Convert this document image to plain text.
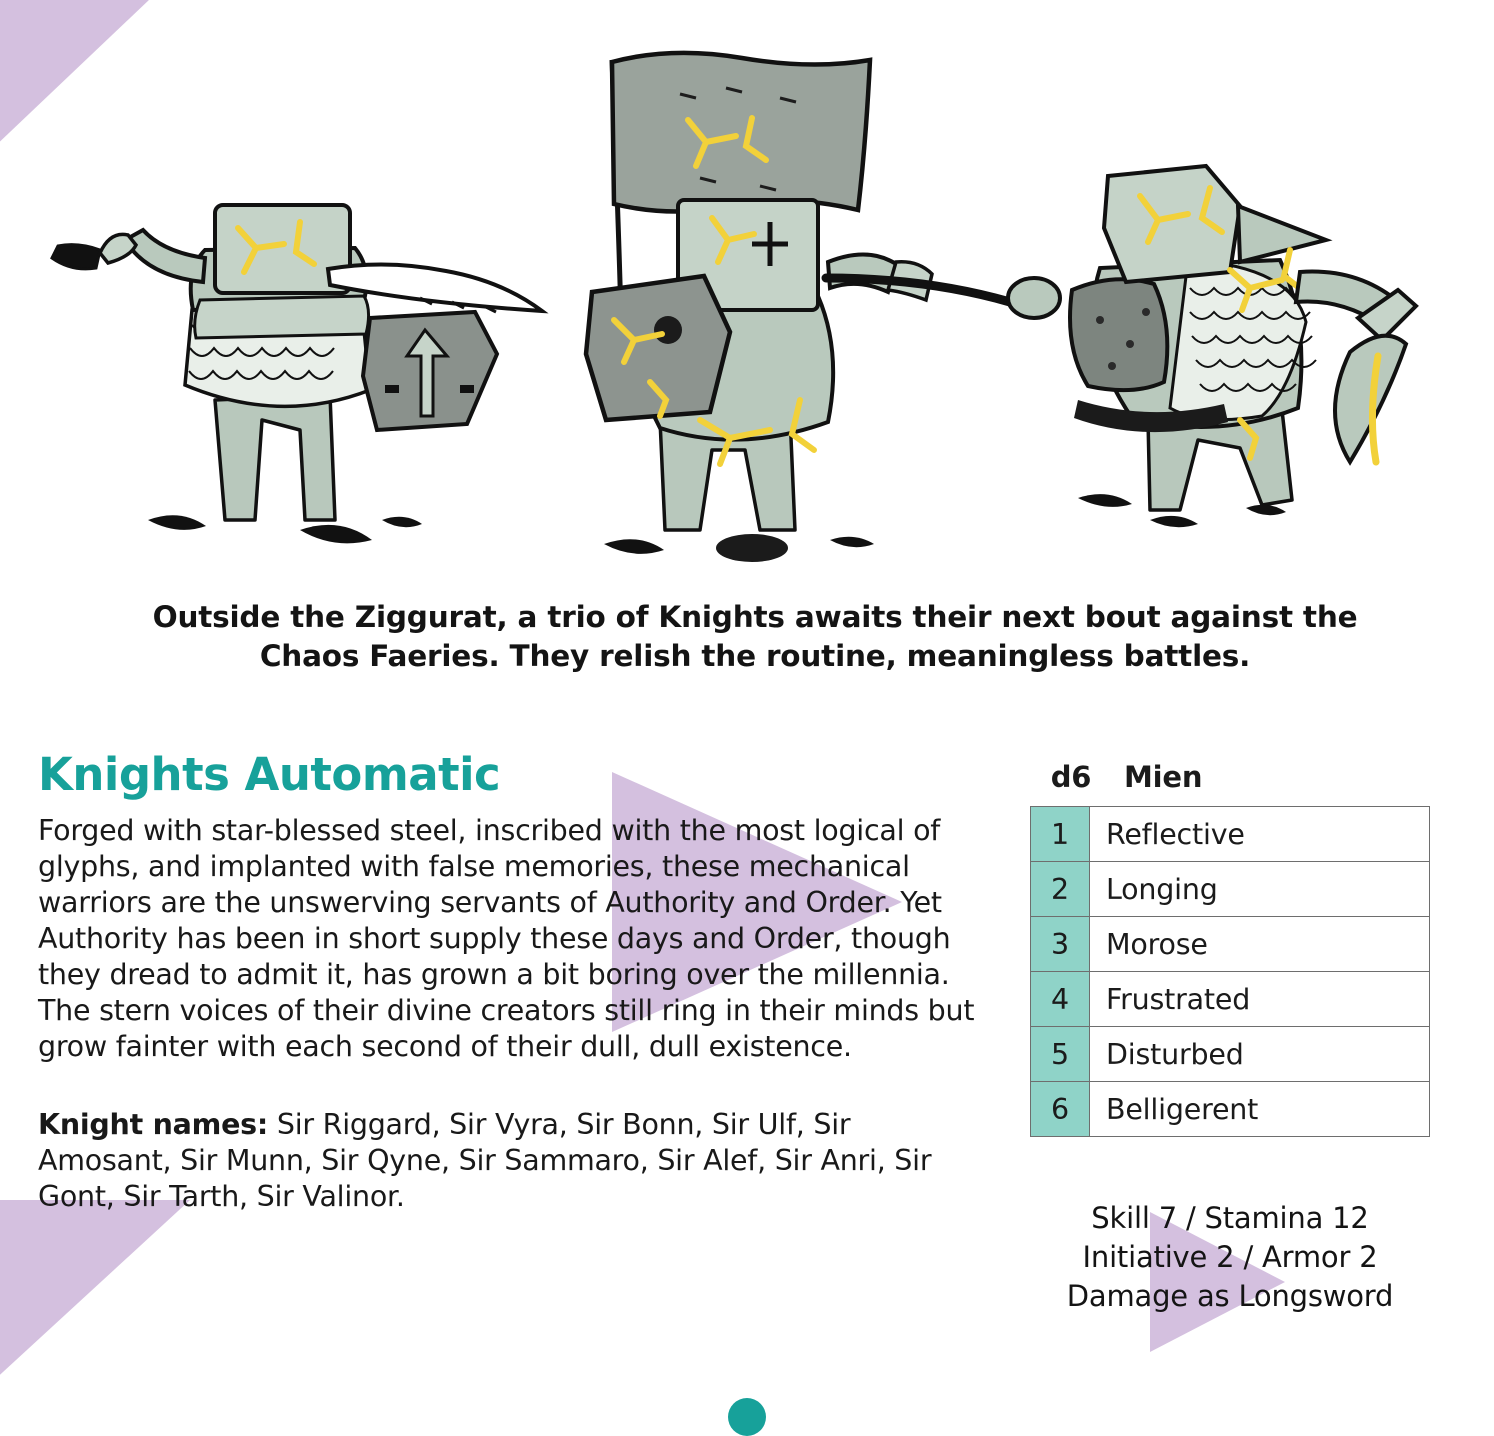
Outside the Ziggurat, a trio of Knights awaits their next bout against the Chaos Faeries. They relish the routine, meaningless battles.
Knights Automatic

Forged with star-blessed steel, inscribed with the most logical of glyphs, and implanted with false memories, these mechanical warriors are the unswerving servants of Authority and Order. Yet Authority has been in short supply these days and Order, though they dread to admit it, has grown a bit boring over the millennia. The stern voices of their divine creators still ring in their minds but grow fainter with each second of their dull, dull existence.

Knight names: Sir Riggard, Sir Vyra, Sir Bonn, Sir Ulf, Sir Amosant, Sir Munn, Sir Qyne, Sir Sammaro, Sir Alef, Sir Anri, Sir Gont, Sir Tarth, Sir Valinor.

d6	Mien
1	Reflective
2	Longing
3	Morose
4	Frustrated
5	Disturbed
6	Belligerent
Skill 7 / Stamina 12
Initiative 2 / Armor 2
Damage as Longsword
